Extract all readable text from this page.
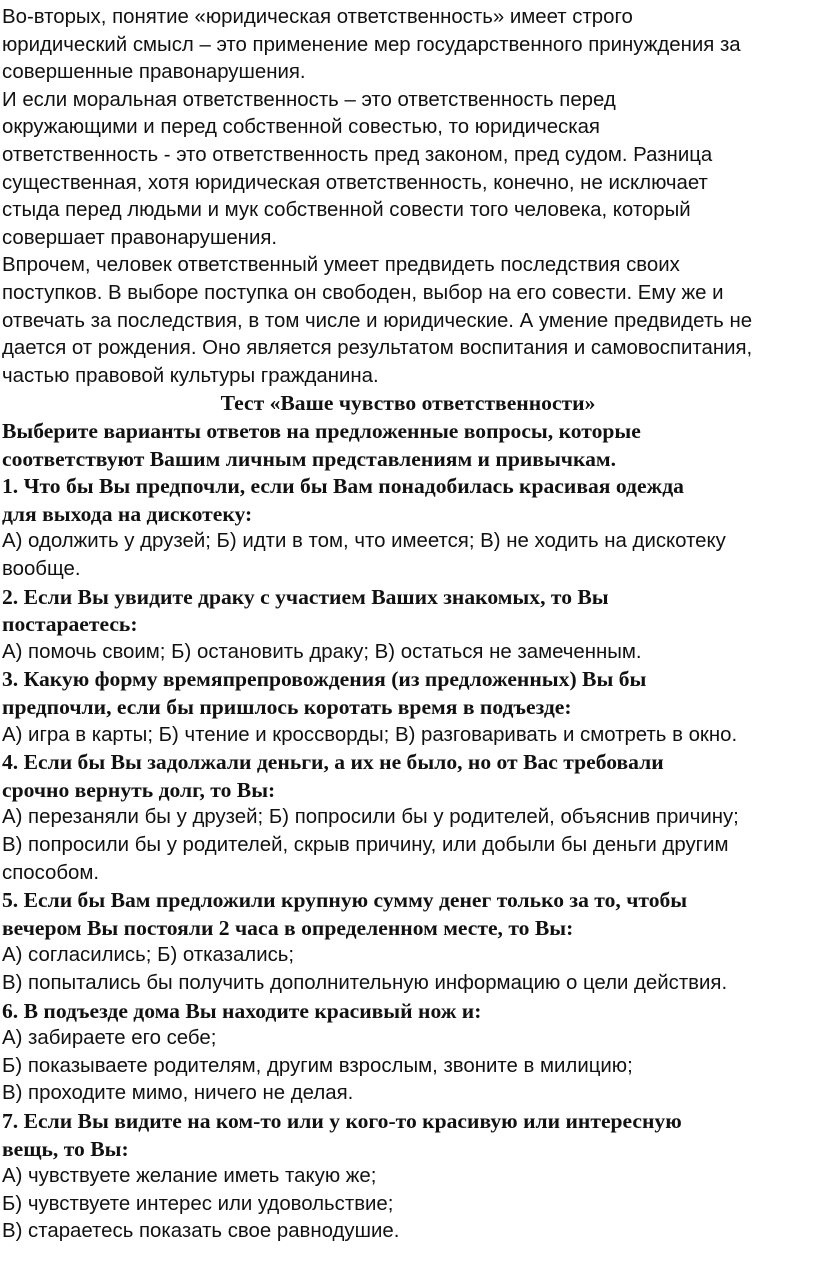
Во-вторых, понятие «юридическая ответственность» имеет строго
юридический смысл – это применение мер государственного принуждения за
совершенные правонарушения.
И если моральная ответственность – это ответственность перед
окружающими и перед собственной совестью, то юридическая
ответственность - это ответственность пред законом, пред судом. Разница
существенная, хотя юридическая ответственность, конечно, не исключает
стыда перед людьми и мук собственной совести того человека, который
совершает правонарушения.
Впрочем, человек ответственный умеет предвидеть последствия своих
поступков. В выборе поступка он свободен, выбор на его совести. Ему же и
отвечать за последствия, в том числе и юридические. А умение предвидеть не
дается от рождения. Оно является результатом воспитания и самовоспитания,
частью правовой культуры гражданина.
Тест «Ваше чувство ответственности»
Выберите варианты ответов на предложенные вопросы, которые
соответствуют Вашим личным представлениям и привычкам.
1. Что бы Вы предпочли, если бы Вам понадобилась красивая одежда
для выхода на дискотеку:
А) одолжить у друзей; Б) идти в том, что имеется; В) не ходить на дискотеку
вообще.
2. Если Вы увидите драку с участием Ваших знакомых, то Вы
постараетесь:
А) помочь своим; Б) остановить драку; В) остаться не замеченным.
3. Какую форму времяпрепровождения (из предложенных) Вы бы
предпочли, если бы пришлось коротать время в подъезде:
А) игра в карты; Б) чтение и кроссворды; В) разговаривать и смотреть в окно.
4. Если бы Вы задолжали деньги, а их не было, но от Вас требовали
срочно вернуть долг, то Вы:
А) перезаняли бы у друзей; Б) попросили бы у родителей, объяснив причину;
В) попросили бы у родителей, скрыв причину, или добыли бы деньги другим
способом.
5. Если бы Вам предложили крупную сумму денег только за то, чтобы
вечером Вы постояли 2 часа в определенном месте, то Вы:
А) согласились; Б) отказались;
В) попытались бы получить дополнительную информацию о цели действия.
6. В подъезде дома Вы находите красивый нож и:
А) забираете его себе;
Б) показываете родителям, другим взрослым, звоните в милицию;
В) проходите мимо, ничего не делая.
7. Если Вы видите на ком-то или у кого-то красивую или интересную
вещь, то Вы:
А) чувствуете желание иметь такую же;
Б) чувствуете интерес или удовольствие;
В) стараетесь показать свое равнодушие.
